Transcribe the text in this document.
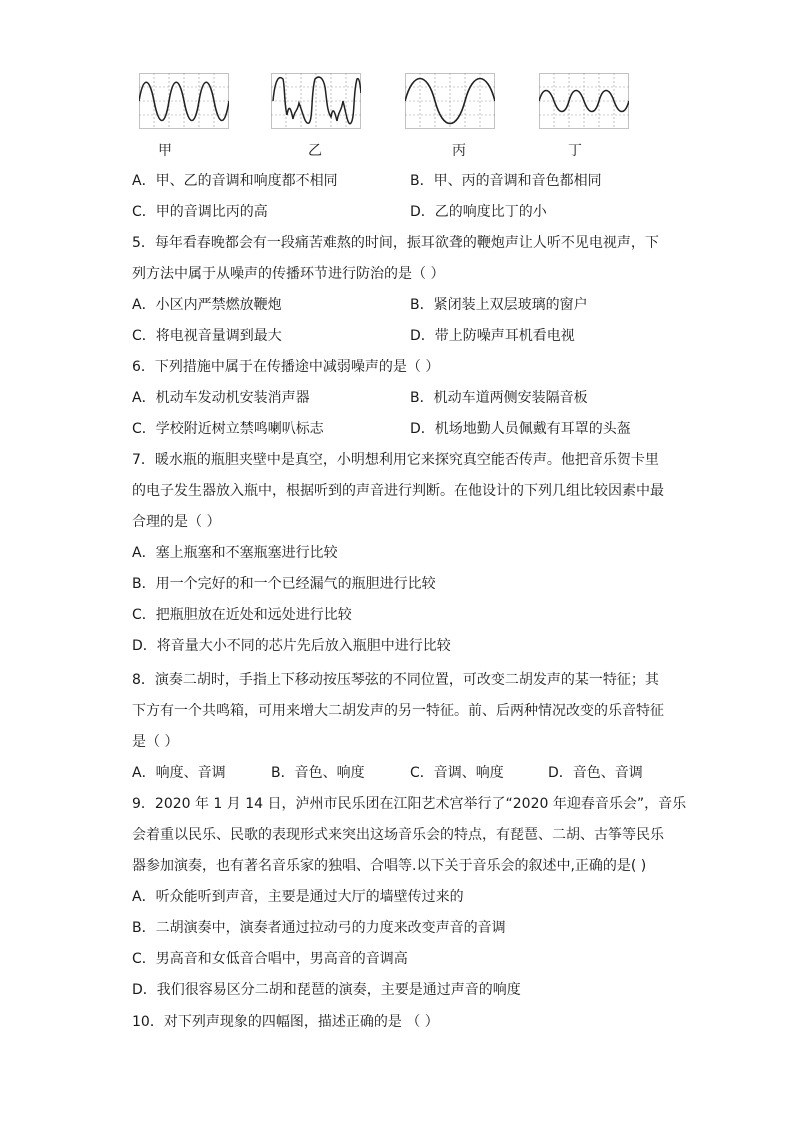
甲	乙	丙	丁
A．甲、乙的音调和响度都不相同	B．甲、丙的音调和音色都相同
C．甲的音调比丙的高	D．乙的响度比丁的小
5．每年看春晚都会有一段痛苦难熬的时间，振耳欲聋的鞭炮声让人听不见电视声，下
列方法中属于从噪声的传播环节进行防治的是（ ）
A．小区内严禁燃放鞭炮	B．紧闭装上双层玻璃的窗户
C．将电视音量调到最大	D．带上防噪声耳机看电视
6．下列措施中属于在传播途中减弱噪声的是（ ）
A．机动车发动机安装消声器	B．机动车道两侧安装隔音板
C．学校附近树立禁鸣喇叭标志	D．机场地勤人员佩戴有耳罩的头盔
7．暖水瓶的瓶胆夹壁中是真空，小明想利用它来探究真空能否传声。他把音乐贺卡里
的电子发生器放入瓶中，根据听到的声音进行判断。在他设计的下列几组比较因素中最
合理的是（ ）
A．塞上瓶塞和不塞瓶塞进行比较
B．用一个完好的和一个已经漏气的瓶胆进行比较
C．把瓶胆放在近处和远处进行比较
D．将音量大小不同的芯片先后放入瓶胆中进行比较
8．演奏二胡时，手指上下移动按压琴弦的不同位置，可改变二胡发声的某一特征；其
下方有一个共鸣箱，可用来增大二胡发声的另一特征。前、后两种情况改变的乐音特征
是（ ）
A．响度、音调	B．音色、响度	C．音调、响度	D．音色、音调
9．2020 年 1 月 14 日，泸州市民乐团在江阳艺术宫举行了“2020 年迎春音乐会”，音乐
会着重以民乐、民歌的表现形式来突出这场音乐会的特点，有琵琶、二胡、古筝等民乐
器参加演奏，也有著名音乐家的独唱、合唱等.以下关于音乐会的叙述中,正确的是( )
A．听众能听到声音，主要是通过大厅的墙壁传过来的
B．二胡演奏中，演奏者通过拉动弓的力度来改变声音的音调
C．男高音和女低音合唱中，男高音的音调高
D．我们很容易区分二胡和琵琶的演奏，主要是通过声音的响度
10．对下列声现象的四幅图，描述正确的是 （ ）
